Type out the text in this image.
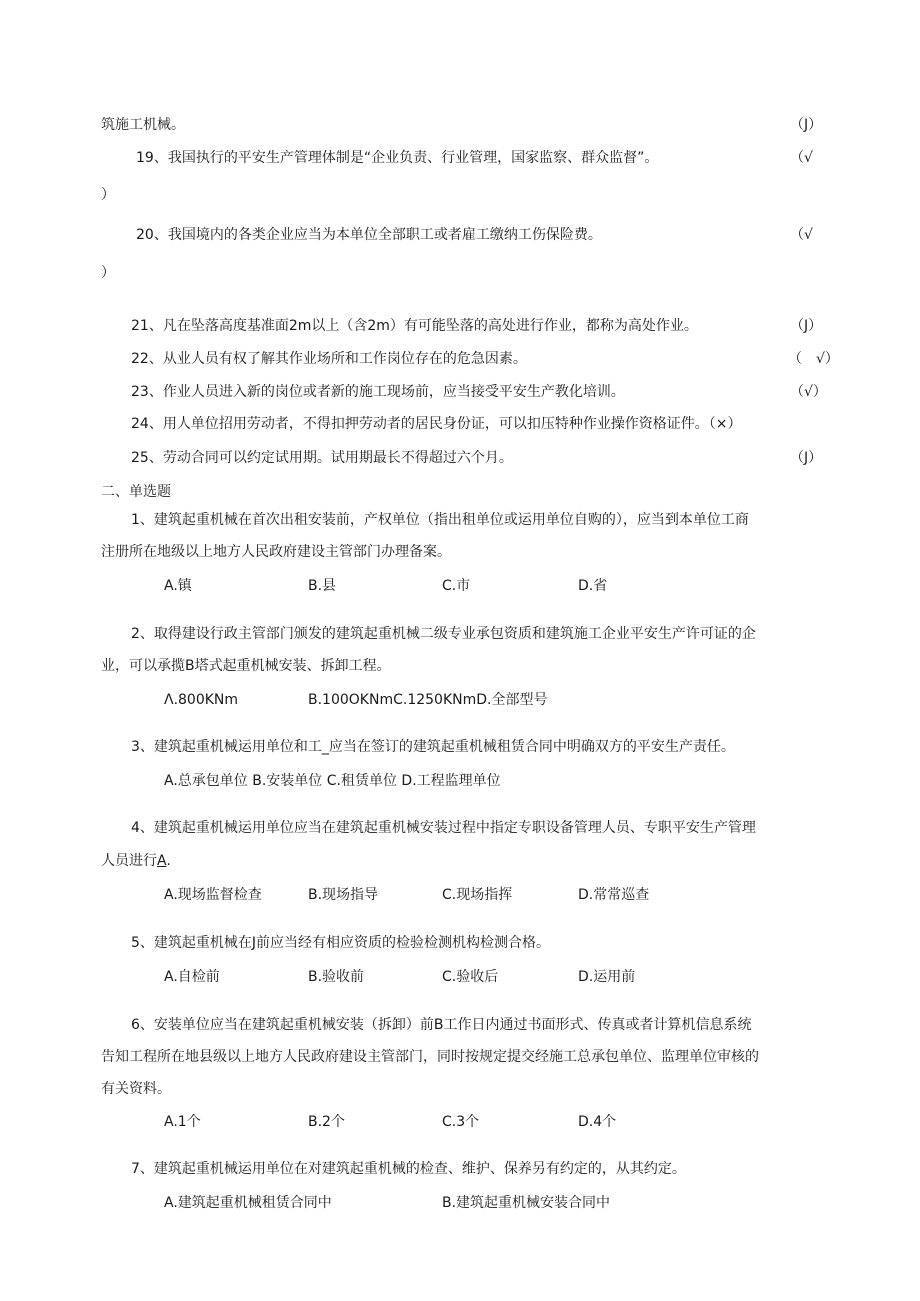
筑施工机械。	（J）
19、我国执行的平安生产管理体制是“企业负责、行业管理，国家监察、群众监督”。	（√
）
20、我国境内的各类企业应当为本单位全部职工或者雇工缴纳工伤保险费。	（√
）
21、凡在坠落高度基准面2m以上（含2m）有可能坠落的高处进行作业，都称为高处作业。	（J）
22、从业人员有权了解其作业场所和工作岗位存在的危急因素。	（　√）
23、作业人员进入新的岗位或者新的施工现场前，应当接受平安生产教化培训。	（√）
24、用人单位招用劳动者，不得扣押劳动者的居民身份证，可以扣压特种作业操作资格证件。（×）
25、劳动合同可以约定试用期。试用期最长不得超过六个月。	（J）
二、单选题
1、建筑起重机械在首次出租安装前，产权单位（指出租单位或运用单位自购的），应当到本单位工商
注册所在地级以上地方人民政府建设主管部门办理备案。
A.镇	B.县	C.市	D.省
2、取得建设行政主管部门颁发的建筑起重机械二级专业承包资质和建筑施工企业平安生产许可证的企
业，可以承揽B塔式起重机械安装、拆卸工程。
Λ.800KNm	B.100OKNmC.1250KNmD.全部型号
3、建筑起重机械运用单位和工_应当在签订的建筑起重机械租赁合同中明确双方的平安生产责任。
A.总承包单位 B.安装单位 C.租赁单位 D.工程监理单位
4、建筑起重机械运用单位应当在建筑起重机械安装过程中指定专职设备管理人员、专职平安生产管理
人员进行A.
A.现场监督检查	B.现场指导	C.现场指挥	D.常常巡查
5、建筑起重机械在J前应当经有相应资质的检验检测机构检测合格。
A.自检前	B.验收前	C.验收后	D.运用前
6、安装单位应当在建筑起重机械安装（拆卸）前B工作日内通过书面形式、传真或者计算机信息系统
告知工程所在地县级以上地方人民政府建设主管部门，同时按规定提交经施工总承包单位、监理单位审核的
有关资料。
A.1个	B.2个	C.3个	D.4个
7、建筑起重机械运用单位在对建筑起重机械的检查、维护、保养另有约定的，从其约定。
A.建筑起重机械租赁合同中	B.建筑起重机械安装合同中
